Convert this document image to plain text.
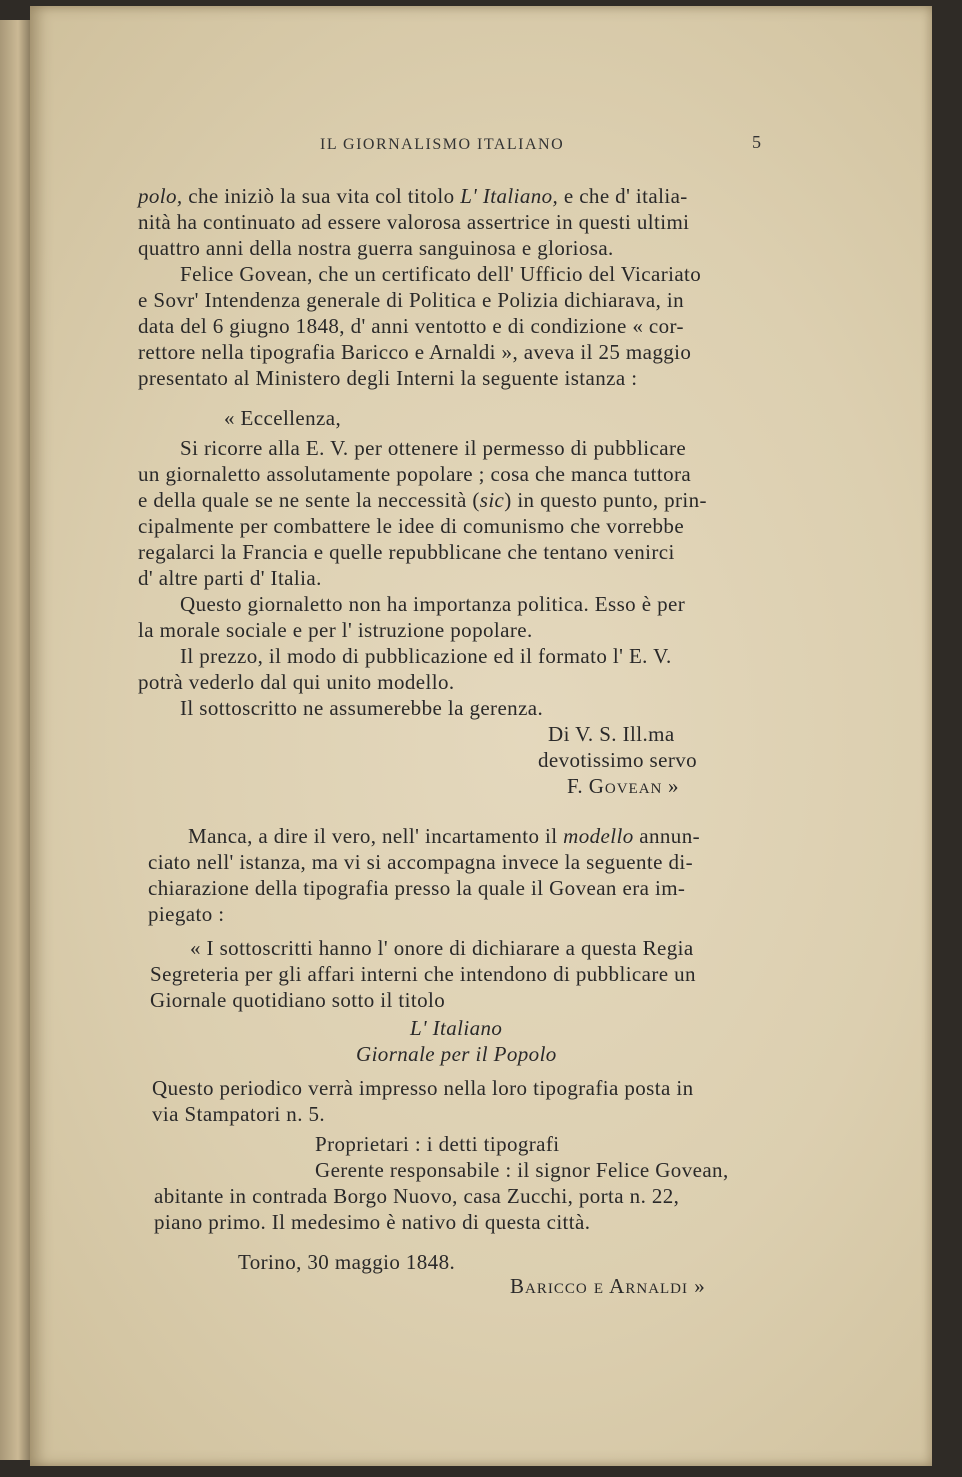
IL GIORNALISMO ITALIANO	5
polo, che iniziò la sua vita col titolo L' Italiano, e che d' italia-
nità ha continuato ad essere valorosa assertrice in questi ultimi
quattro anni della nostra guerra sanguinosa e gloriosa.
Felice Govean, che un certificato dell' Ufficio del Vicariato
e Sovr' Intendenza generale di Politica e Polizia dichiarava, in
data del 6 giugno 1848, d' anni ventotto e di condizione « cor-
rettore nella tipografia Baricco e Arnaldi », aveva il 25 maggio
presentato al Ministero degli Interni la seguente istanza :
« Eccellenza,
Si ricorre alla E. V. per ottenere il permesso di pubblicare
un giornaletto assolutamente popolare ; cosa che manca tuttora
e della quale se ne sente la neccessità (sic) in questo punto, prin-
cipalmente per combattere le idee di comunismo che vorrebbe
regalarci la Francia e quelle repubblicane che tentano venirci
d' altre parti d' Italia.
Questo giornaletto non ha importanza politica. Esso è per
la morale sociale e per l' istruzione popolare.
Il prezzo, il modo di pubblicazione ed il formato l' E. V.
potrà vederlo dal qui unito modello.
Il sottoscritto ne assumerebbe la gerenza.
Di V. S. Ill.ma
devotissimo servo
F. Govean »
Manca, a dire il vero, nell' incartamento il modello annun-
ciato nell' istanza, ma vi si accompagna invece la seguente di-
chiarazione della tipografia presso la quale il Govean era im-
piegato :
« I sottoscritti hanno l' onore di dichiarare a questa Regia
Segreteria per gli affari interni che intendono di pubblicare un
Giornale quotidiano sotto il titolo
L' Italiano
Giornale per il Popolo
Questo periodico verrà impresso nella loro tipografia posta in
via Stampatori n. 5.
Proprietari : i detti tipografi
Gerente responsabile : il signor Felice Govean,
abitante in contrada Borgo Nuovo, casa Zucchi, porta n. 22,
piano primo. Il medesimo è nativo di questa città.
Torino, 30 maggio 1848.
Baricco e Arnaldi »
